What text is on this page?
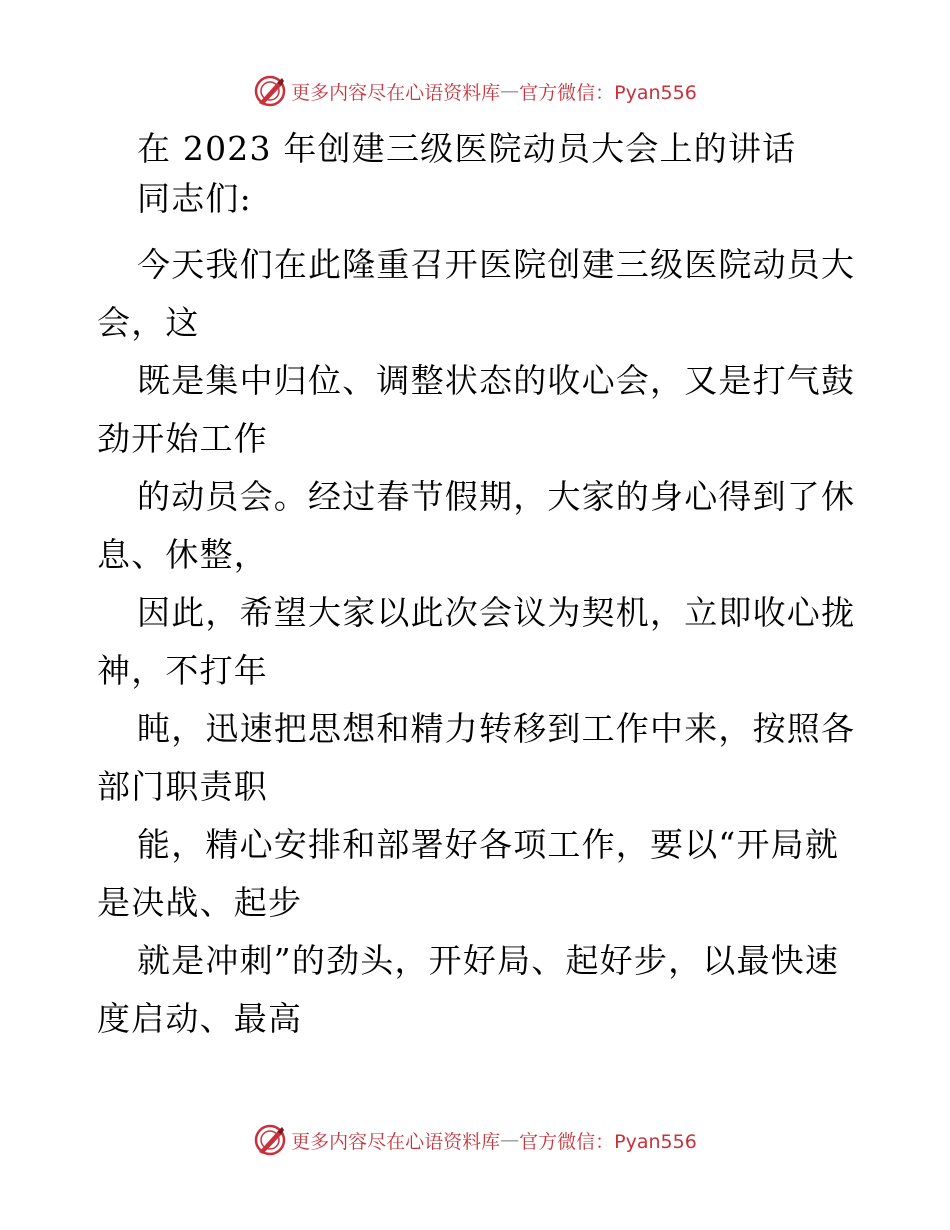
更多内容尽在心语资料库 — 官方微信：Pyan556
在 2023 年创建三级医院动员大会上的讲话
同志们:
今天我们在此隆重召开医院创建三级医院动员大
会，这
既是集中归位、调整状态的收心会，又是打气鼓
劲开始工作
的动员会。经过春节假期，大家的身心得到了休
息、休整，
因此，希望大家以此次会议为契机，立即收心拢
神，不打年
盹，迅速把思想和精力转移到工作中来，按照各
部门职责职
能，精心安排和部署好各项工作，要以“开局就
是决战、起步
就是冲刺”的劲头，开好局、起好步，以最快速
度启动、最高
更多内容尽在心语资料库 — 官方微信：Pyan556
